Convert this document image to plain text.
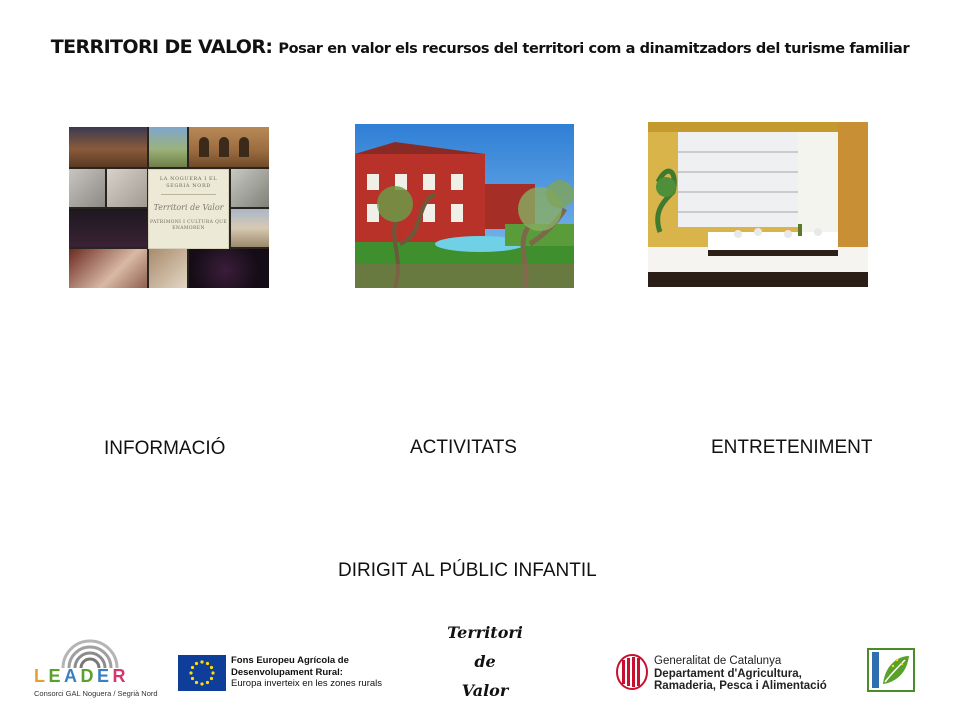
TERRITORI DE VALOR: Posar en valor els recursos del territori com a dinamitzadors del turisme familiar
LA NOGUERA I EL SEGRIÀ NORD
Territori de Valor
PATRIMONI I CULTURA QUE ENAMOREN
INFORMACIÓ	ACTIVITATS	ENTRETENIMENT
DIRIGIT AL PÚBLIC INFANTIL
LEADER
Consorci GAL Noguera / Segrià Nord
Fons Europeu Agrícola de
Desenvolupament Rural:
Europa inverteix en les zones rurals
Territori
de
Valor
Generalitat de Catalunya
Departament d'Agricultura,
Ramaderia, Pesca i Alimentació
